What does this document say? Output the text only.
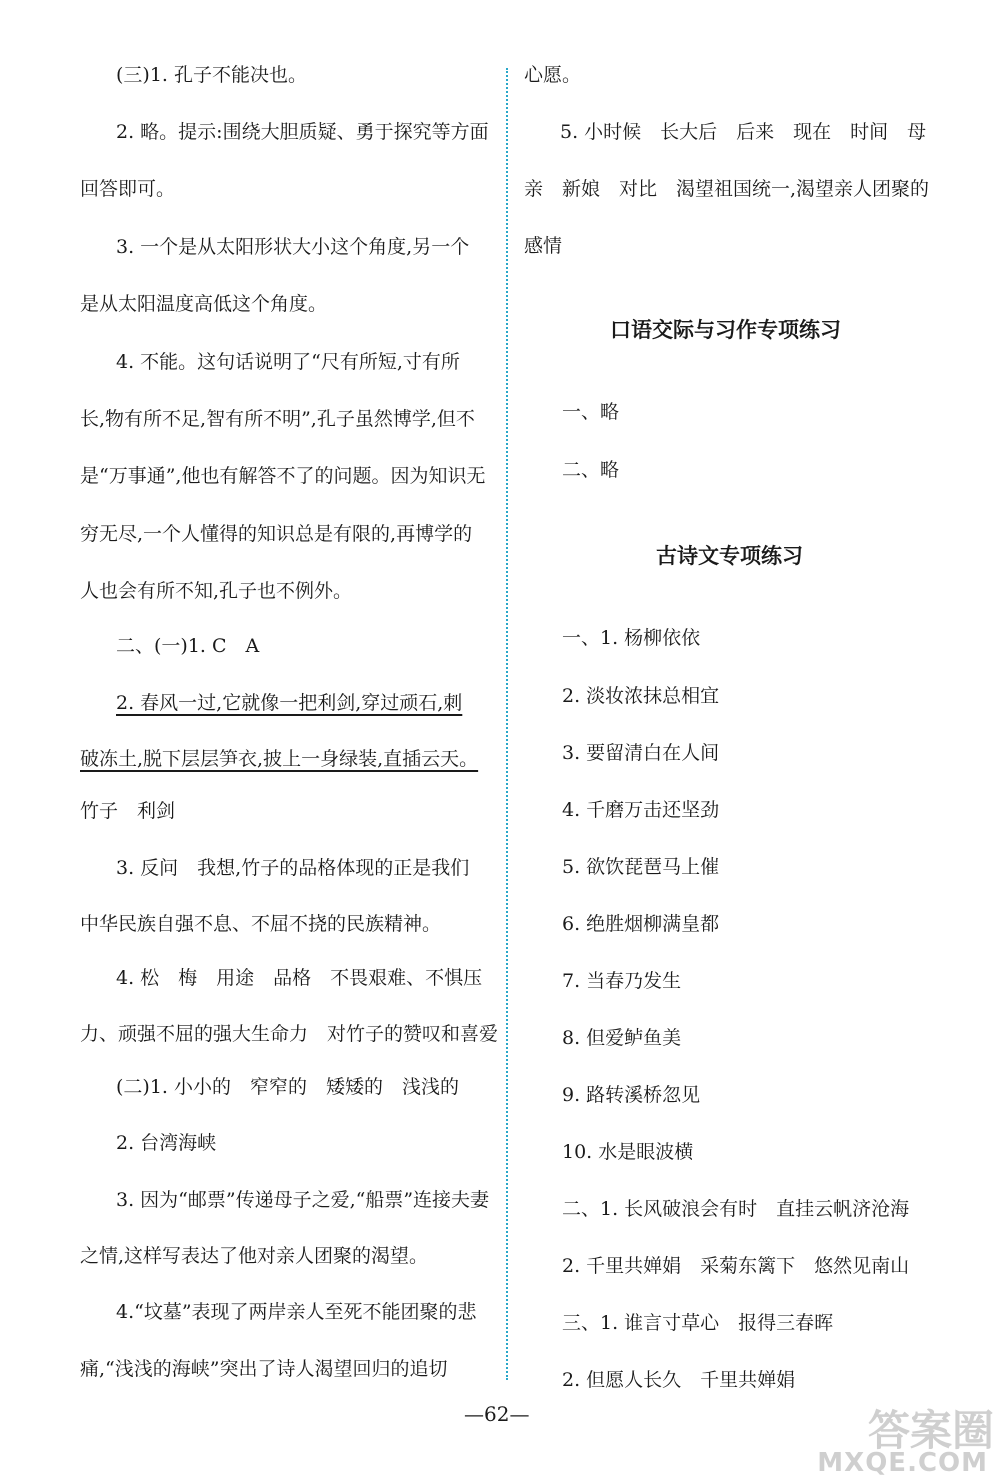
(三)1. 孔子不能决也。
2. 略。提示:围绕大胆质疑、勇于探究等方面
回答即可。
3. 一个是从太阳形状大小这个角度,另一个
是从太阳温度高低这个角度。
4. 不能。这句话说明了“尺有所短,寸有所
长,物有所不足,智有所不明”,孔子虽然博学,但不
是“万事通”,他也有解答不了的问题。因为知识无
穷无尽,一个人懂得的知识总是有限的,再博学的
人也会有所不知,孔子也不例外。
二、(一)1. C　A
2. 春风一过,它就像一把利剑,穿过顽石,刺
破冻土,脱下层层笋衣,披上一身绿装,直插云天。
竹子　利剑
3. 反问　我想,竹子的品格体现的正是我们
中华民族自强不息、不屈不挠的民族精神。
4. 松　梅　用途　品格　不畏艰难、不惧压
力、顽强不屈的强大生命力　对竹子的赞叹和喜爱
(二)1. 小小的　窄窄的　矮矮的　浅浅的
2. 台湾海峡
3. 因为“邮票”传递母子之爱,“船票”连接夫妻
之情,这样写表达了他对亲人团聚的渴望。
4.“坟墓”表现了两岸亲人至死不能团聚的悲
痛,“浅浅的海峡”突出了诗人渴望回归的追切
心愿。
5. 小时候　长大后　后来　现在　时间　母
亲　新娘　对比　渴望祖国统一,渴望亲人团聚的
感情
口语交际与习作专项练习
一、略
二、略
古诗文专项练习
一、1. 杨柳依依
2. 淡妆浓抹总相宜
3. 要留清白在人间
4. 千磨万击还坚劲
5. 欲饮琵琶马上催
6. 绝胜烟柳满皇都
7. 当春乃发生
8. 但爱鲈鱼美
9. 路转溪桥忽见
10. 水是眼波横
二、1. 长风破浪会有时　直挂云帆济沧海
2. 千里共婵娟　采菊东篱下　悠然见南山
三、1. 谁言寸草心　报得三春晖
2. 但愿人长久　千里共婵娟
—62—	答案圈
MXQE.COM
